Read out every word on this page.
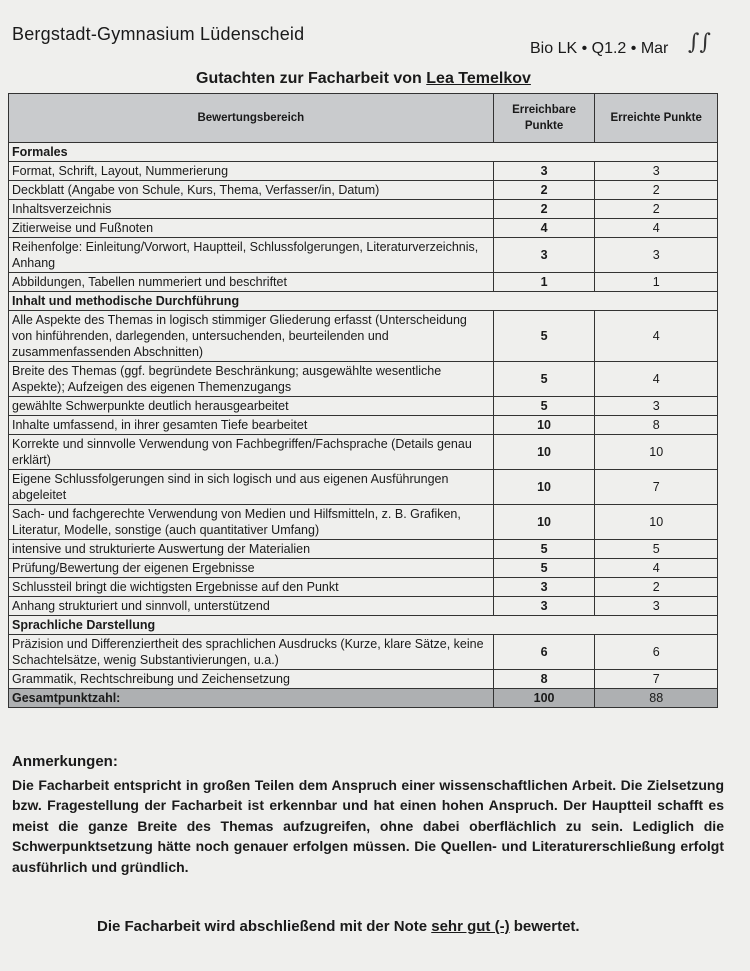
Bergstadt-Gymnasium Lüdenscheid
Bio LK • Q1.2 • Mar ∫∫
Gutachten zur Facharbeit von Lea Temelkov
Bewertungsbereich	Erreichbare Punkte	Erreichte Punkte
Formales		
Format, Schrift, Layout, Nummerierung	3	3
Deckblatt (Angabe von Schule, Kurs, Thema, Verfasser/in, Datum)	2	2
Inhaltsverzeichnis	2	2
Zitierweise und Fußnoten	4	4
Reihenfolge: Einleitung/Vorwort, Hauptteil, Schlussfolgerungen, Literaturverzeichnis, Anhang	3	3
Abbildungen, Tabellen nummeriert und beschriftet	1	1
Inhalt und methodische Durchführung		
Alle Aspekte des Themas in logisch stimmiger Gliederung erfasst (Unterscheidung von hinführenden, darlegenden, untersuchenden, beurteilenden und zusammenfassenden Abschnitten)	5	4
Breite des Themas (ggf. begründete Beschränkung; ausgewählte wesentliche Aspekte); Aufzeigen des eigenen Themenzugangs	5	4
gewählte Schwerpunkte deutlich herausgearbeitet	5	3
Inhalte umfassend, in ihrer gesamten Tiefe bearbeitet	10	8
Korrekte und sinnvolle Verwendung von Fachbegriffen/Fachsprache (Details genau erklärt)	10	10
Eigene Schlussfolgerungen sind in sich logisch und aus eigenen Ausführungen abgeleitet	10	7
Sach- und fachgerechte Verwendung von Medien und Hilfsmitteln, z. B. Grafiken, Literatur, Modelle, sonstige (auch quantitativer Umfang)	10	10
intensive und strukturierte Auswertung der Materialien	5	5
Prüfung/Bewertung der eigenen Ergebnisse	5	4
Schlussteil bringt die wichtigsten Ergebnisse auf den Punkt	3	2
Anhang strukturiert und sinnvoll, unterstützend	3	3
Sprachliche Darstellung		
Präzision und Differenziertheit des sprachlichen Ausdrucks (Kurze, klare Sätze, keine Schachtelsätze, wenig Substantivierungen, u.a.)	6	6
Grammatik, Rechtschreibung und Zeichensetzung	8	7
Gesamtpunktzahl:	100	88
Anmerkungen:
Die Facharbeit entspricht in großen Teilen dem Anspruch einer wissenschaftlichen Arbeit. Die Zielsetzung bzw. Fragestellung der Facharbeit ist erkennbar und hat einen hohen Anspruch. Der Hauptteil schafft es meist die ganze Breite des Themas aufzugreifen, ohne dabei oberflächlich zu sein. Lediglich die Schwerpunktsetzung hätte noch genauer erfolgen müssen. Die Quellen- und Literaturerschließung erfolgt ausführlich und gründlich.
Die Facharbeit wird abschließend mit der Note sehr gut (-) bewertet.
